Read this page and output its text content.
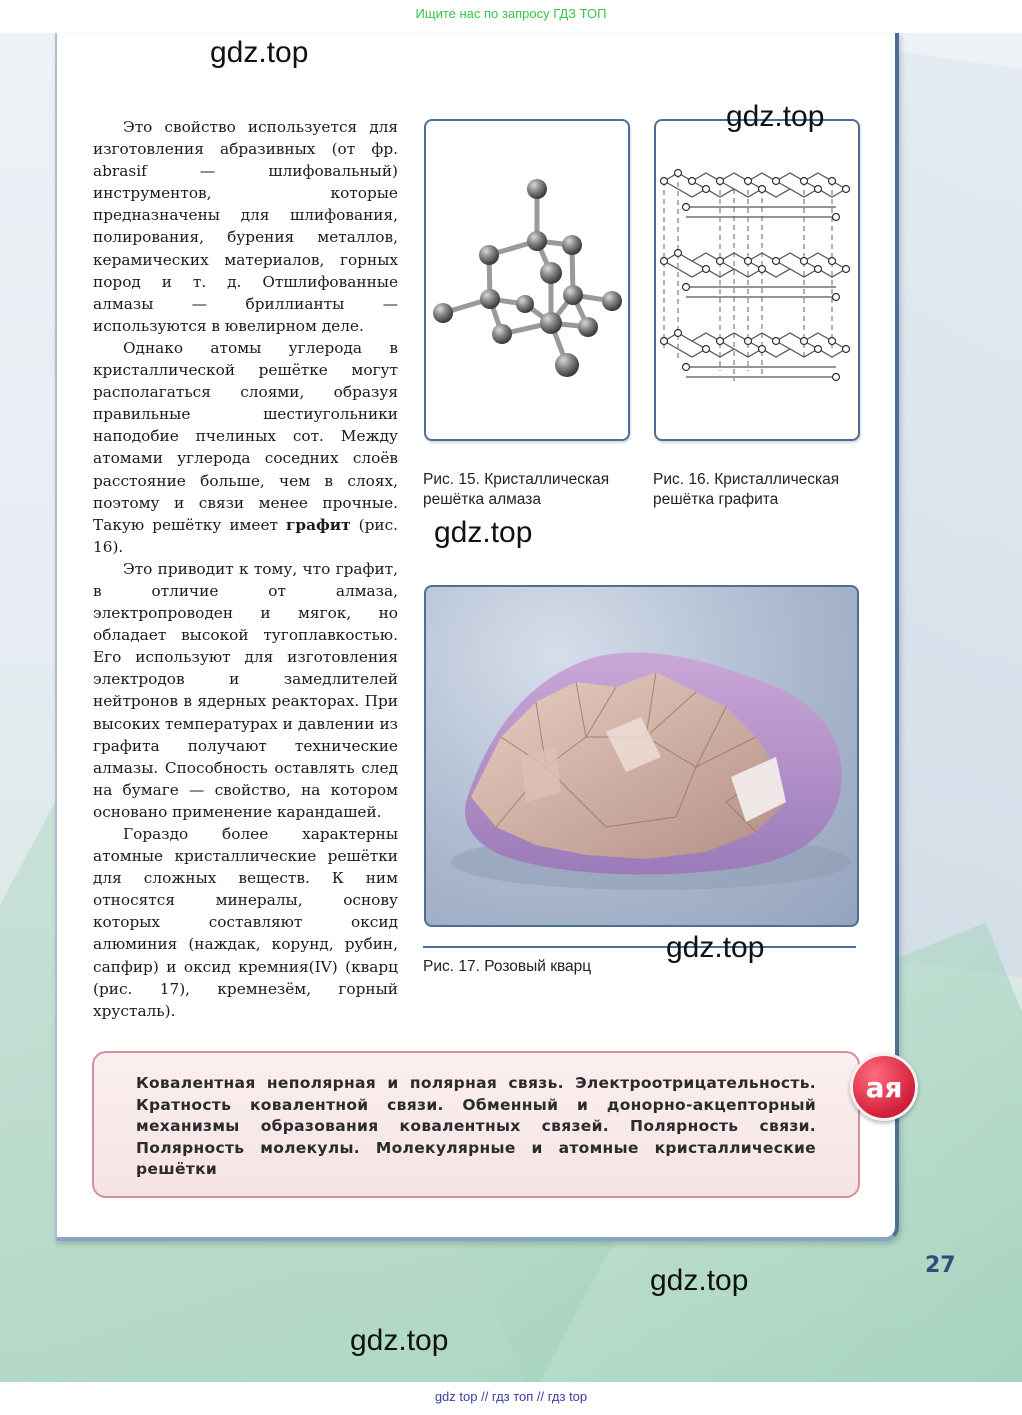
Ищите нас по запросу ГДЗ ТОП

Это свойство используется для изготовления абразивных (от фр. abrasif — шлифовальный) инструментов, которые предназначены для шлифования, полирования, бурения металлов, керамических материалов, горных пород и т. д. Отшлифованные алмазы — бриллианты — используются в ювелирном деле.

Однако атомы углерода в кристаллической решётке могут располагаться слоями, образуя правильные шестиугольники наподобие пчелиных сот. Между атомами углерода соседних слоёв расстояние больше, чем в слоях, поэтому и связи менее прочные. Такую решётку имеет графит (рис. 16).

Это приводит к тому, что графит, в отличие от алмаза, электропроводен и мягок, но обладает высокой тугоплавкостью. Его используют для изготовления электродов и замедлителей нейтронов в ядерных реакторах. При высоких температурах и давлении из графита получают технические алмазы. Способность оставлять след на бумаге — свойство, на котором основано применение карандашей.

Гораздо более характерны атомные кристаллические решётки для сложных веществ. К ним относятся минералы, основу которых составляют оксид алюминия (наждак, корунд, рубин, сапфир) и оксид кремния(IV) (кварц (рис. 17), кремнезём, горный хрусталь).

Рис. 15. Кристаллическая
решётка алмаза
Рис. 16. Кристаллическая
решётка графита
Рис. 17. Розовый кварц
Ковалентная неполярная и полярная связь. Электроотрицательность. Кратность ковалентной связи. Обменный и донорно-акцепторный механизмы образования ковалентных связей. Полярность связи. Полярность молекулы. Молекулярные и атомные кристаллические решётки
ая
gdz.top
gdz.top
gdz.top
gdz.top
gdz.top
gdz.top
27
gdz top // гдз топ // гдз top
